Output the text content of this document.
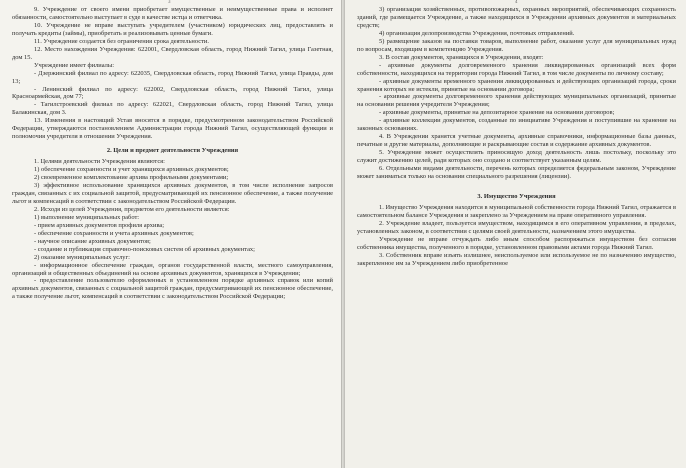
3

9. Учреждение от своего имени приобретает имущественные и неимущественные права и исполнет обязанности, самостоятельно выступает в суде в качестве истца и ответчика.

10. Учреждение не вправе выступать учредителем (участником) юридических лиц, предоставлять и получать кредиты (займы), приобретать и реализовывать ценные бумаги.

11. Учреждение создается без ограничения срока деятельности.

12. Место нахождения Учреждения: 622001, Свердловская область, город Нижний Тагил, улица Газетная, дом 15.

Учреждение имеет филиалы:

- Дзержинский филиал по адресу: 622035, Свердловская область, город Нижний Тагил, улица Правды, дом 13;

- Ленинский филиал по адресу: 622002, Свердловская область, город Нижний Тагил, улица Красноармейская, дом 77;

- Тагилстроевский филиал по адресу: 622021, Свердловская область, город Нижний Тагил, улица Балакинская, дом 3.

13. Изменения в настоящий Устав вносятся в порядке, предусмотренном законодательством Российской Федерации, утверждаются постановлением Администрации города Нижний Тагил, осуществляющей функции и полномочия учредителя в отношении Учреждения.

2. Цели и предмет деятельности Учреждения

1. Целями деятельности Учреждения являются:

1) обеспечение сохранности и учет хранящихся архивных документов;

2) своевременное комплектование архива профильными документами;

3) эффективное использование хранящихся архивных документов, в том числе исполнение запросов граждан, связанных с их социальной защитой, предусматривающей их пенсионное обеспечение, а также получение льгот и компенсаций в соответствии с законодательством Российской Федерации.

2. Исходя из целей Учреждения, предметом его деятельности является:

1) выполнение муниципальных работ:

- прием архивных документов профиля архива;

- обеспечение сохранности и учета архивных документов;

- научное описание архивных документов;

- создание и публикация справочно-поисковых систем об архивных документах;

2) оказание муниципальных услуг:

- информационное обеспечение граждан, органов государственной власти, местного самоуправления, организаций и общественных объединений на основе архивных документов, хранящихся в Учреждении;

- предоставление пользователю оформленных в установленном порядке архивных справок или копий архивных документов, связанных с социальной защитой граждан, предусматривающей их пенсионное обеспечение, а также получение льгот, компенсаций в соответствии с законодательством Российской Федерации;

4

3) организация хозяйственных, противопожарных, охранных мероприятий, обеспечивающих сохранность зданий, где размещается Учреждение, а также находящихся в Учреждении архивных документов и материальных средств;

4) организация делопроизводства Учреждения, почтовых отправлений.

5) размещение заказов на поставки товаров, выполнение работ, оказание услуг для муниципальных нужд по вопросам, входящим в компетенцию Учреждения.

3. В состав документов, хранящихся в Учреждении, входят:

- архивные документы долговременного хранения ликвидированных организаций всех форм собственности, находящихся на территории города Нижний Тагил, в том числе документы по личному составу;

- архивные документы временного хранения ликвидированных и действующих организаций города, сроки хранения которых не истекли, принятые на основании договора;

- архивные документы долговременного хранения действующих муниципальных организаций, принятые на основании решения учредителя Учреждения;

- архивные документы, принятые на депозитарное хранение на основании договоров;

- архивные коллекции документов, созданные по инициативе Учреждения и поступившие на хранение на законных основаниях.

4. В Учреждении хранятся учетные документы, архивные справочники, информационные базы данных, печатные и другие материалы, дополняющие и раскрывающие состав и содержание архивных документов.

5. Учреждение может осуществлять приносящую доход деятельность лишь постольку, поскольку это служит достижению целей, ради которых оно создано и соответствует указанным целям.

6. Отдельными видами деятельности, перечень которых определяется федеральным законом, Учреждение может заниматься только на основании специального разрешения (лицензии).

3. Имущество Учреждения

1. Имущество Учреждения находится в муниципальной собственности города Нижний Тагил, отражается в самостоятельном балансе Учреждения и закреплено за Учреждением на праве оперативного управления.

2. Учреждение владеет, пользуется имуществом, находящимся в его оперативном управлении, в пределах, установленных законом, в соответствии с целями своей деятельности, назначением этого имущества.

Учреждение не вправе отчуждать либо иным способом распоряжаться имуществом без согласия собственника имущества, полученного в порядке, установленном правовыми актами города Нижний Тагил.

3. Собственник вправе изъять излишнее, неиспользуемое или используемое не по назначению имущество, закрепленное им за Учреждением либо приобретенное
